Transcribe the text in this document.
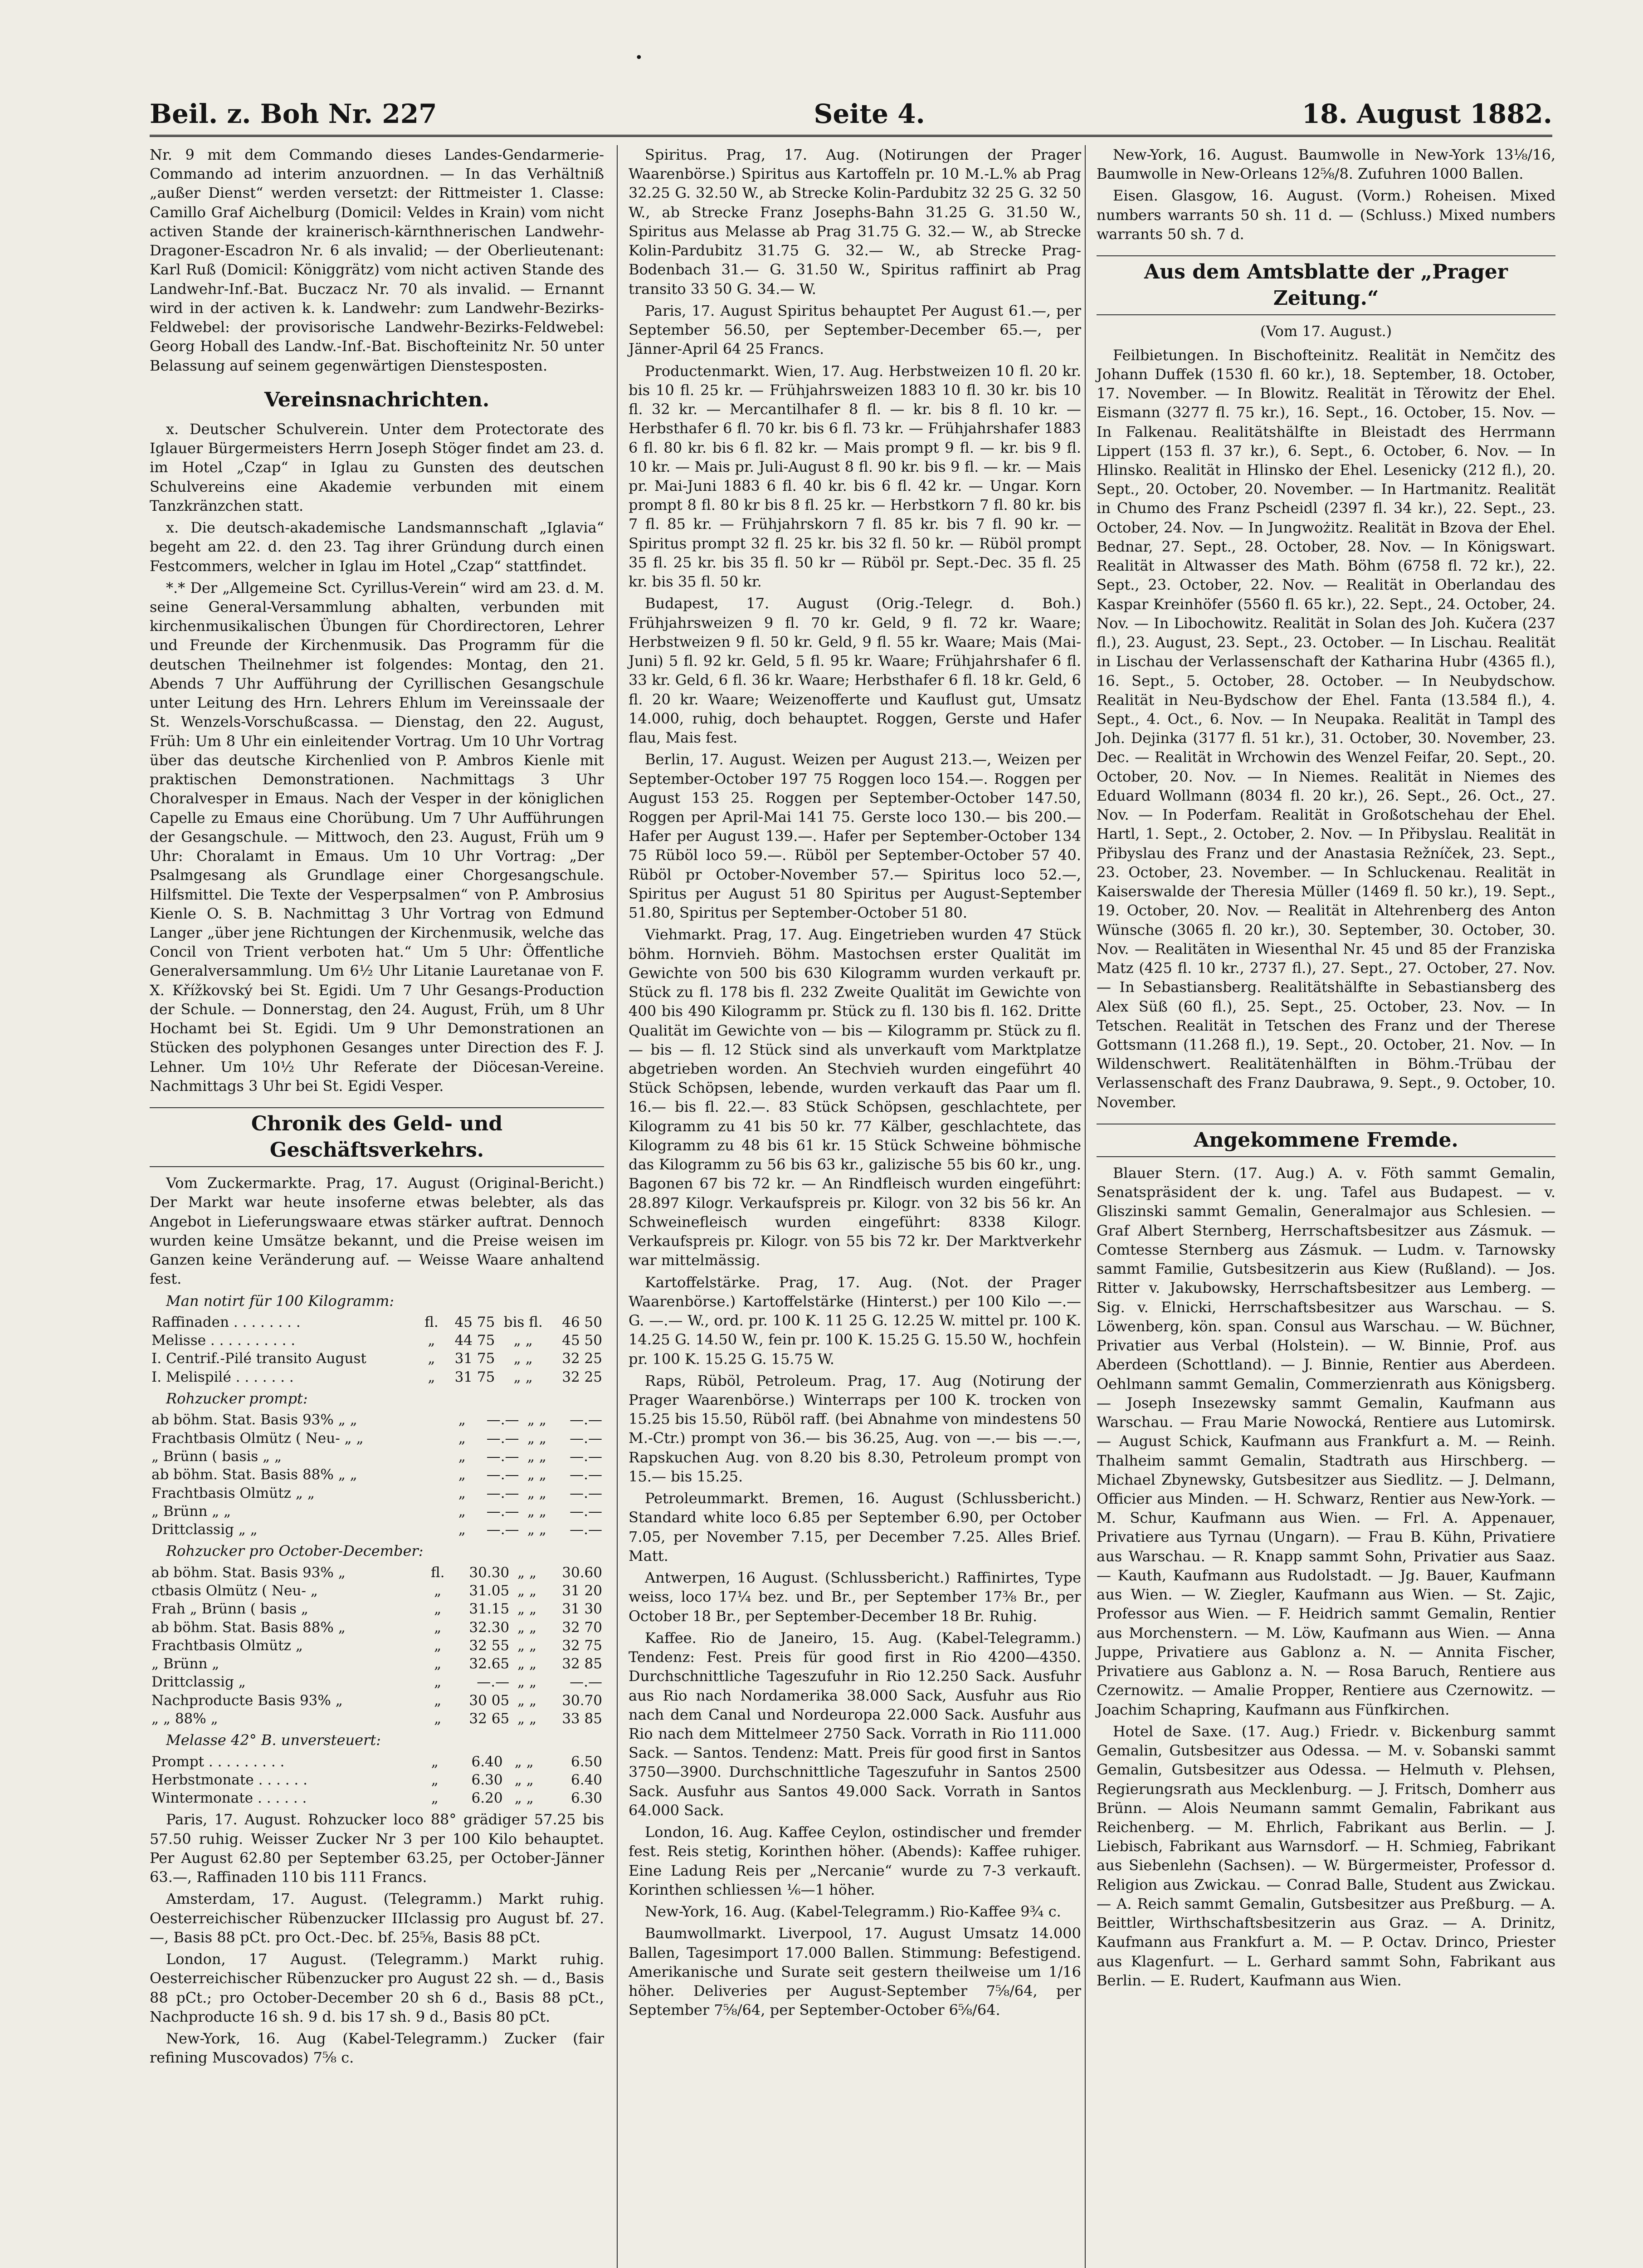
•
Beil. z. Boh Nr. 227	Seite 4.	18. August 1882.

Nr. 9 mit dem Commando dieses Landes-Gendarmerie-Commando ad interim anzuordnen. — In das Verhältniß „außer Dienst“ werden versetzt: der Rittmeister 1. Classe: Camillo Graf Aichelburg (Domicil: Veldes in Krain) vom nicht activen Stande der krainerisch-kärnthnerischen Landwehr-Dragoner-Escadron Nr. 6 als invalid; — der Oberlieutenant: Karl Ruß (Domicil: Königgrätz) vom nicht activen Stande des Landwehr-Inf.-Bat. Buczacz Nr. 70 als invalid. — Ernannt wird in der activen k. k. Landwehr: zum Landwehr-Bezirks-Feldwebel: der provisorische Landwehr-Bezirks-Feldwebel: Georg Hoball des Landw.-Inf.-Bat. Bischofteinitz Nr. 50 unter Belassung auf seinem gegenwärtigen Dienstesposten.

Vereinsnachrichten.

x. Deutscher Schulverein. Unter dem Protectorate des Iglauer Bürgermeisters Herrn Joseph Stöger findet am 23. d. im Hotel „Czap“ in Iglau zu Gunsten des deutschen Schulvereins eine Akademie verbunden mit einem Tanzkränzchen statt.

x. Die deutsch-akademische Landsmannschaft „Iglavia“ begeht am 22. d. den 23. Tag ihrer Gründung durch einen Festcommers, welcher in Iglau im Hotel „Czap“ stattfindet.

*.* Der „Allgemeine Sct. Cyrillus-Verein“ wird am 23. d. M. seine General-Versammlung abhalten, verbunden mit kirchenmusikalischen Übungen für Chordirectoren, Lehrer und Freunde der Kirchenmusik. Das Programm für die deutschen Theilnehmer ist folgendes: Montag, den 21. Abends 7 Uhr Aufführung der Cyrillischen Gesangschule unter Leitung des Hrn. Lehrers Ehlum im Vereinssaale der St. Wenzels-Vorschußcassa. — Dienstag, den 22. August, Früh: Um 8 Uhr ein einleitender Vortrag. Um 10 Uhr Vortrag über das deutsche Kirchenlied von P. Ambros Kienle mit praktischen Demonstrationen. Nachmittags 3 Uhr Choralvesper in Emaus. Nach der Vesper in der königlichen Capelle zu Emaus eine Chorübung. Um 7 Uhr Aufführungen der Gesangschule. — Mittwoch, den 23. August, Früh um 9 Uhr: Choralamt in Emaus. Um 10 Uhr Vortrag: „Der Psalmgesang als Grundlage einer Chorgesangschule. Hilfsmittel. Die Texte der Vesperpsalmen“ von P. Ambrosius Kienle O. S. B. Nachmittag 3 Uhr Vortrag von Edmund Langer „über jene Richtungen der Kirchenmusik, welche das Concil von Trient verboten hat.“ Um 5 Uhr: Öffentliche Generalversammlung. Um 6½ Uhr Litanie Lauretanae von F. X. Křížkovský bei St. Egidi. Um 7 Uhr Gesangs-Production der Schule. — Donnerstag, den 24. August, Früh, um 8 Uhr Hochamt bei St. Egidi. Um 9 Uhr Demonstrationen an Stücken des polyphonen Gesanges unter Direction des F. J. Lehner. Um 10½ Uhr Referate der Diöcesan-Vereine. Nachmittags 3 Uhr bei St. Egidi Vesper.

Chronik des Geld- und Geschäftsverkehrs.

Vom Zuckermarkte. Prag, 17. August (Original-Bericht.) Der Markt war heute insoferne etwas belebter, als das Angebot in Lieferungswaare etwas stärker auftrat. Dennoch wurden keine Umsätze bekannt, und die Preise weisen im Ganzen keine Veränderung auf. — Weisse Waare anhaltend fest.

Man notirt für 100 Kilogramm:
Raffinaden . . . . . . . .	fl.	45 75	bis fl.	46 50
Melisse . . . . . . . . . .	„	44 75	„ „	45 50
I. Centrif.-Pilé transito August	„	31 75	„ „	32 25
I. Melispilé . . . . . . .	„	31 75	„ „	32 25
Rohzucker prompt:
ab böhm. Stat. Basis 93% „ „	„	—.—	„ „	—.—
Frachtbasis Olmütz ( Neu- „ „	„	—.—	„ „	—.—
„ Brünn ( basis „ „	„	—.—	„ „	—.—
ab böhm. Stat. Basis 88% „ „	„	—.—	„ „	—.—
Frachtbasis Olmütz „ „	„	—.—	„ „	—.—
„ Brünn „ „	„	—.—	„ „	—.—
Drittclassig „ „	„	—.—	„ „	—.—
Rohzucker pro October-December:
ab böhm. Stat. Basis 93% „	fl.	30.30	„ „	30.60
ctbasis Olmütz ( Neu- „	„	31.05	„ „	31 20
Frah „ Brünn ( basis „	„	31.15	„ „	31 30
ab böhm. Stat. Basis 88% „	„	32.30	„ „	32 70
Frachtbasis Olmütz „	„	32 55	„ „	32 75
„ Brünn „	„	32.65	„ „	32 85
Drittclassig „	„	—.—	„ „	—.—
Nachproducte Basis 93% „	„	30 05	„ „	30.70
„ „ 88% „	„	32 65	„ „	33 85
Melasse 42° B. unversteuert:
Prompt . . . . . . . . .	„	6.40	„ „	6.50
Herbstmonate . . . . . .	„	6.30	„ „	6.40
Wintermonate . . . . . .	„	6.20	„ „	6.30

Paris, 17. August. Rohzucker loco 88° grädiger 57.25 bis 57.50 ruhig. Weisser Zucker Nr 3 per 100 Kilo behauptet. Per August 62.80 per September 63.25, per October-Jänner 63.—, Raffinaden 110 bis 111 Francs.

Amsterdam, 17. August. (Telegramm.) Markt ruhig. Oesterreichischer Rübenzucker IIIclassig pro August bf. 27.—, Basis 88 pCt. pro Oct.-Dec. bf. 25⅝, Basis 88 pCt.

London, 17 August. (Telegramm.) Markt ruhig. Oesterreichischer Rübenzucker pro August 22 sh. — d., Basis 88 pCt.; pro October-December 20 sh 6 d., Basis 88 pCt., Nachproducte 16 sh. 9 d. bis 17 sh. 9 d., Basis 80 pCt.

New-York, 16. Aug (Kabel-Telegramm.) Zucker (fair refining Muscovados) 7⅝ c.

Spiritus. Prag, 17. Aug. (Notirungen der Prager Waarenbörse.) Spiritus aus Kartoffeln pr. 10 M.-L.% ab Prag 32.25 G. 32.50 W., ab Strecke Kolin-Pardubitz 32 25 G. 32 50 W., ab Strecke Franz Josephs-Bahn 31.25 G. 31.50 W., Spiritus aus Melasse ab Prag 31.75 G. 32.— W., ab Strecke Kolin-Pardubitz 31.75 G. 32.— W., ab Strecke Prag-Bodenbach 31.— G. 31.50 W., Spiritus raffinirt ab Prag transito 33 50 G. 34.— W.

Paris, 17. August Spiritus behauptet Per August 61.—, per September 56.50, per September-December 65.—, per Jänner-April 64 25 Francs.

Productenmarkt. Wien, 17. Aug. Herbstweizen 10 fl. 20 kr. bis 10 fl. 25 kr. — Frühjahrsweizen 1883 10 fl. 30 kr. bis 10 fl. 32 kr. — Mercantilhafer 8 fl. — kr. bis 8 fl. 10 kr. — Herbsthafer 6 fl. 70 kr. bis 6 fl. 73 kr. — Frühjahrshafer 1883 6 fl. 80 kr. bis 6 fl. 82 kr. — Mais prompt 9 fl. — kr. bis 9 fl. 10 kr. — Mais pr. Juli-August 8 fl. 90 kr. bis 9 fl. — kr. — Mais pr. Mai-Juni 1883 6 fl. 40 kr. bis 6 fl. 42 kr. — Ungar. Korn prompt 8 fl. 80 kr bis 8 fl. 25 kr. — Herbstkorn 7 fl. 80 kr. bis 7 fl. 85 kr. — Frühjahrskorn 7 fl. 85 kr. bis 7 fl. 90 kr. — Spiritus prompt 32 fl. 25 kr. bis 32 fl. 50 kr. — Rüböl prompt 35 fl. 25 kr. bis 35 fl. 50 kr — Rüböl pr. Sept.-Dec. 35 fl. 25 kr. bis 35 fl. 50 kr.

Budapest, 17. August (Orig.-Telegr. d. Boh.) Frühjahrsweizen 9 fl. 70 kr. Geld, 9 fl. 72 kr. Waare; Herbstweizen 9 fl. 50 kr. Geld, 9 fl. 55 kr. Waare; Mais (Mai-Juni) 5 fl. 92 kr. Geld, 5 fl. 95 kr. Waare; Frühjahrshafer 6 fl. 33 kr. Geld, 6 fl. 36 kr. Waare; Herbsthafer 6 fl. 18 kr. Geld, 6 fl. 20 kr. Waare; Weizenofferte und Kauflust gut, Umsatz 14.000, ruhig, doch behauptet. Roggen, Gerste und Hafer flau, Mais fest.

Berlin, 17. August. Weizen per August 213.—, Weizen per September-October 197 75 Roggen loco 154.—. Roggen per August 153 25. Roggen per September-October 147.50, Roggen per April-Mai 141 75. Gerste loco 130.— bis 200.— Hafer per August 139.—. Hafer per September-October 134 75 Rüböl loco 59.—. Rüböl per September-October 57 40. Rüböl pr October-November 57.— Spiritus loco 52.—, Spiritus per August 51 80 Spiritus per August-September 51.80, Spiritus per September-October 51 80.

Viehmarkt. Prag, 17. Aug. Eingetrieben wurden 47 Stück böhm. Hornvieh. Böhm. Mastochsen erster Qualität im Gewichte von 500 bis 630 Kilogramm wurden verkauft pr. Stück zu fl. 178 bis fl. 232 Zweite Qualität im Gewichte von 400 bis 490 Kilogramm pr. Stück zu fl. 130 bis fl. 162. Dritte Qualität im Gewichte von — bis — Kilogramm pr. Stück zu fl. — bis — fl. 12 Stück sind als unverkauft vom Marktplatze abgetrieben worden. An Stechvieh wurden eingeführt 40 Stück Schöpsen, lebende, wurden verkauft das Paar um fl. 16.— bis fl. 22.—. 83 Stück Schöpsen, geschlachtete, per Kilogramm zu 41 bis 50 kr. 77 Kälber, geschlachtete, das Kilogramm zu 48 bis 61 kr. 15 Stück Schweine böhmische das Kilogramm zu 56 bis 63 kr., galizische 55 bis 60 kr., ung. Bagonen 67 bis 72 kr. — An Rindfleisch wurden eingeführt: 28.897 Kilogr. Verkaufspreis pr. Kilogr. von 32 bis 56 kr. An Schweinefleisch wurden eingeführt: 8338 Kilogr. Verkaufspreis pr. Kilogr. von 55 bis 72 kr. Der Marktverkehr war mittelmässig.

Kartoffelstärke. Prag, 17. Aug. (Not. der Prager Waarenbörse.) Kartoffelstärke (Hinterst.) per 100 Kilo —.— G. —.— W., ord. pr. 100 K. 11 25 G. 12.25 W. mittel pr. 100 K. 14.25 G. 14.50 W., fein pr. 100 K. 15.25 G. 15.50 W., hochfein pr. 100 K. 15.25 G. 15.75 W.

Raps, Rüböl, Petroleum. Prag, 17. Aug (Notirung der Prager Waarenbörse.) Winterraps per 100 K. trocken von 15.25 bis 15.50, Rüböl raff. (bei Abnahme von mindestens 50 M.-Ctr.) prompt von 36.— bis 36.25, Aug. von —.— bis —.—, Rapskuchen Aug. von 8.20 bis 8.30, Petroleum prompt von 15.— bis 15.25.

Petroleummarkt. Bremen, 16. August (Schlussbericht.) Standard white loco 6.85 per September 6.90, per October 7.05, per November 7.15, per December 7.25. Alles Brief. Matt.

Antwerpen, 16 August. (Schlussbericht.) Raffinirtes, Type weiss, loco 17¼ bez. und Br., per September 17⅜ Br., per October 18 Br., per September-December 18 Br. Ruhig.

Kaffee. Rio de Janeiro, 15. Aug. (Kabel-Telegramm.) Tendenz: Fest. Preis für good first in Rio 4200—4350. Durchschnittliche Tageszufuhr in Rio 12.250 Sack. Ausfuhr aus Rio nach Nordamerika 38.000 Sack, Ausfuhr aus Rio nach dem Canal und Nordeuropa 22.000 Sack. Ausfuhr aus Rio nach dem Mittelmeer 2750 Sack. Vorrath in Rio 111.000 Sack. — Santos. Tendenz: Matt. Preis für good first in Santos 3750—3900. Durchschnittliche Tageszufuhr in Santos 2500 Sack. Ausfuhr aus Santos 49.000 Sack. Vorrath in Santos 64.000 Sack.

London, 16. Aug. Kaffee Ceylon, ostindischer und fremder fest. Reis stetig, Korinthen höher. (Abends): Kaffee ruhiger. Eine Ladung Reis per „Nercanie“ wurde zu 7-3 verkauft. Korinthen schliessen ⅙—1 höher.

New-York, 16. Aug. (Kabel-Telegramm.) Rio-Kaffee 9¾ c.

Baumwollmarkt. Liverpool, 17. August Umsatz 14.000 Ballen, Tagesimport 17.000 Ballen. Stimmung: Befestigend. Amerikanische und Surate seit gestern theilweise um 1/16 höher. Deliveries per August-September 7⅝/64, per September 7⅝/64, per September-October 6⅝/64.

New-York, 16. August. Baumwolle in New-York 13⅛/16, Baumwolle in New-Orleans 12⅝/8. Zufuhren 1000 Ballen.

Eisen. Glasgow, 16. August. (Vorm.) Roheisen. Mixed numbers warrants 50 sh. 11 d. — (Schluss.) Mixed numbers warrants 50 sh. 7 d.

Aus dem Amtsblatte der „Prager Zeitung.“
(Vom 17. August.)

Feilbietungen. In Bischofteinitz. Realität in Nemčitz des Johann Duffek (1530 fl. 60 kr.), 18. September, 18. October, 17. November. — In Blowitz. Realität in Těrowitz der Ehel. Eismann (3277 fl. 75 kr.), 16. Sept., 16. October, 15. Nov. — In Falkenau. Realitätshälfte in Bleistadt des Herrmann Lippert (153 fl. 37 kr.), 6. Sept., 6. October, 6. Nov. — In Hlinsko. Realität in Hlinsko der Ehel. Lesenicky (212 fl.), 20. Sept., 20. October, 20. November. — In Hartmanitz. Realität in Chumo des Franz Pscheidl (2397 fl. 34 kr.), 22. Sept., 23. October, 24. Nov. — In Jungwożitz. Realität in Bzova der Ehel. Bednar, 27. Sept., 28. October, 28. Nov. — In Königswart. Realität in Altwasser des Math. Böhm (6758 fl. 72 kr.), 22. Sept., 23. October, 22. Nov. — Realität in Oberlandau des Kaspar Kreinhöfer (5560 fl. 65 kr.), 22. Sept., 24. October, 24. Nov. — In Libochowitz. Realität in Solan des Joh. Kučera (237 fl.), 23. August, 23. Sept., 23. October. — In Lischau. Realität in Lischau der Verlassenschaft der Katharina Hubr (4365 fl.), 16. Sept., 5. October, 28. October. — In Neubydschow. Realität in Neu-Bydschow der Ehel. Fanta (13.584 fl.), 4. Sept., 4. Oct., 6. Nov. — In Neupaka. Realität in Tampl des Joh. Dejinka (3177 fl. 51 kr.), 31. October, 30. November, 23. Dec. — Realität in Wrchowin des Wenzel Feifar, 20. Sept., 20. October, 20. Nov. — In Niemes. Realität in Niemes des Eduard Wollmann (8034 fl. 20 kr.), 26. Sept., 26. Oct., 27. Nov. — In Poderfam. Realität in Großotschehau der Ehel. Hartl, 1. Sept., 2. October, 2. Nov. — In Přibyslau. Realität in Přibyslau des Franz und der Anastasia Režníček, 23. Sept., 23. October, 23. November. — In Schluckenau. Realität in Kaiserswalde der Theresia Müller (1469 fl. 50 kr.), 19. Sept., 19. October, 20. Nov. — Realität in Altehrenberg des Anton Wünsche (3065 fl. 20 kr.), 30. September, 30. October, 30. Nov. — Realitäten in Wiesenthal Nr. 45 und 85 der Franziska Matz (425 fl. 10 kr., 2737 fl.), 27. Sept., 27. October, 27. Nov. — In Sebastiansberg. Realitätshälfte in Sebastiansberg des Alex Süß (60 fl.), 25. Sept., 25. October, 23. Nov. — In Tetschen. Realität in Tetschen des Franz und der Therese Gottsmann (11.268 fl.), 19. Sept., 20. October, 21. Nov. — In Wildenschwert. Realitätenhälften in Böhm.-Trübau der Verlassenschaft des Franz Daubrawa, 9. Sept., 9. October, 10. November.

Angekommene Fremde.

Blauer Stern. (17. Aug.) A. v. Föth sammt Gemalin, Senatspräsident der k. ung. Tafel aus Budapest. — v. Gliszinski sammt Gemalin, Generalmajor aus Schlesien. — Graf Albert Sternberg, Herrschaftsbesitzer aus Zásmuk. — Comtesse Sternberg aus Zásmuk. — Ludm. v. Tarnowsky sammt Familie, Gutsbesitzerin aus Kiew (Rußland). — Jos. Ritter v. Jakubowsky, Herrschaftsbesitzer aus Lemberg. — Sig. v. Elnicki, Herrschaftsbesitzer aus Warschau. — S. Löwenberg, kön. span. Consul aus Warschau. — W. Büchner, Privatier aus Verbal (Holstein). — W. Binnie, Prof. aus Aberdeen (Schottland). — J. Binnie, Rentier aus Aberdeen. Oehlmann sammt Gemalin, Commerzienrath aus Königsberg. — Joseph Insezewsky sammt Gemalin, Kaufmann aus Warschau. — Frau Marie Nowocká, Rentiere aus Lutomirsk. — August Schick, Kaufmann aus Frankfurt a. M. — Reinh. Thalheim sammt Gemalin, Stadtrath aus Hirschberg. — Michael Zbynewsky, Gutsbesitzer aus Siedlitz. — J. Delmann, Officier aus Minden. — H. Schwarz, Rentier aus New-York. — M. Schur, Kaufmann aus Wien. — Frl. A. Appenauer, Privatiere aus Tyrnau (Ungarn). — Frau B. Kühn, Privatiere aus Warschau. — R. Knapp sammt Sohn, Privatier aus Saaz. — Kauth, Kaufmann aus Rudolstadt. — Jg. Bauer, Kaufmann aus Wien. — W. Ziegler, Kaufmann aus Wien. — St. Zajic, Professor aus Wien. — F. Heidrich sammt Gemalin, Rentier aus Morchenstern. — M. Löw, Kaufmann aus Wien. — Anna Juppe, Privatiere aus Gablonz a. N. — Annita Fischer, Privatiere aus Gablonz a. N. — Rosa Baruch, Rentiere aus Czernowitz. — Amalie Propper, Rentiere aus Czernowitz. — Joachim Schapring, Kaufmann aus Fünfkirchen.

Hotel de Saxe. (17. Aug.) Friedr. v. Bickenburg sammt Gemalin, Gutsbesitzer aus Odessa. — M. v. Sobanski sammt Gemalin, Gutsbesitzer aus Odessa. — Helmuth v. Plehsen, Regierungsrath aus Mecklenburg. — J. Fritsch, Domherr aus Brünn. — Alois Neumann sammt Gemalin, Fabrikant aus Reichenberg. — M. Ehrlich, Fabrikant aus Berlin. — J. Liebisch, Fabrikant aus Warnsdorf. — H. Schmieg, Fabrikant aus Siebenlehn (Sachsen). — W. Bürgermeister, Professor d. Religion aus Zwickau. — Conrad Balle, Student aus Zwickau. — A. Reich sammt Gemalin, Gutsbesitzer aus Preßburg. — A. Beittler, Wirthschaftsbesitzerin aus Graz. — A. Drinitz, Kaufmann aus Frankfurt a. M. — P. Octav. Drinco, Priester aus Klagenfurt. — L. Gerhard sammt Sohn, Fabrikant aus Berlin. — E. Rudert, Kaufmann aus Wien.
